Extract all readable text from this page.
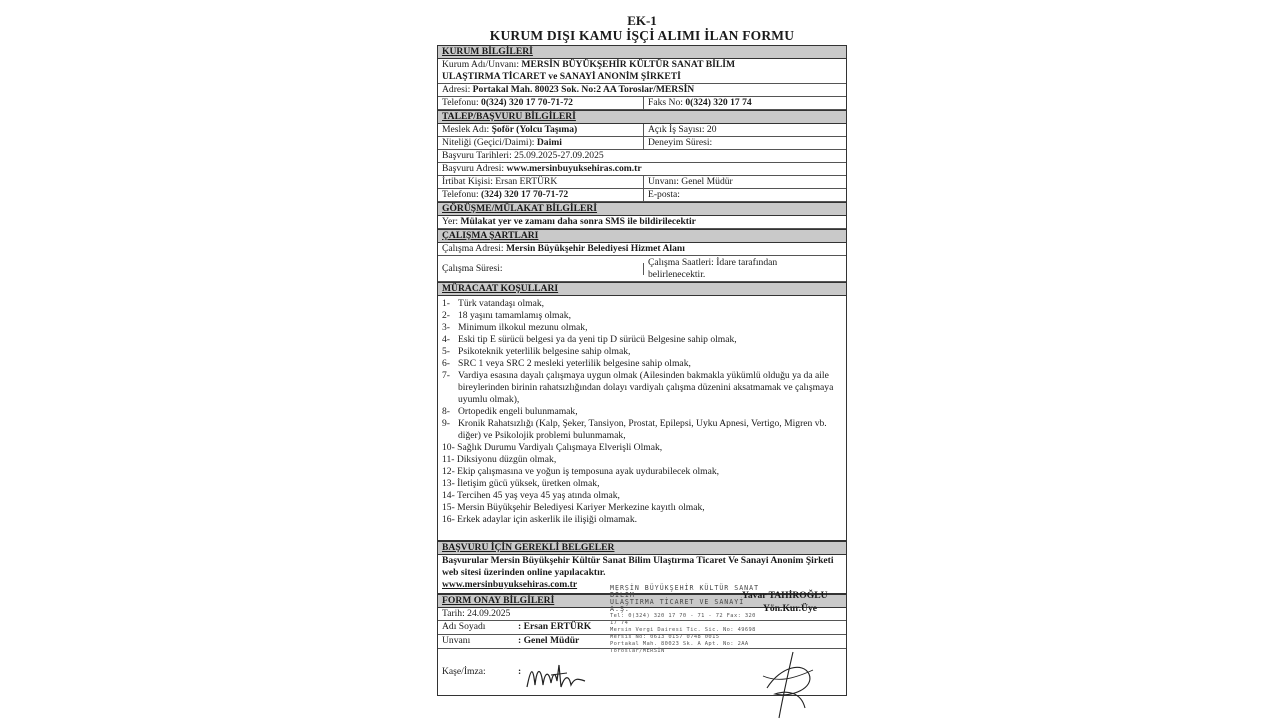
EK-1
KURUM DIŞI KAMU İŞÇİ ALIMI İLAN FORMU
KURUM BİLGİLERİ
Kurum Adı/Unvanı: MERSİN BÜYÜKŞEHİR KÜLTÜR SANAT BİLİM
ULAŞTIRMA TİCARET ve SANAYİ ANONİM ŞİRKETİ
Adresi: Portakal Mah. 80023 Sok. No:2 AA Toroslar/MERSİN
Telefonu: 0(324) 320 17 70-71-72	Faks No: 0(324) 320 17 74
TALEP/BAŞVURU BİLGİLERİ
Meslek Adı: Şoför (Yolcu Taşıma)	Açık İş Sayısı: 20
Niteliği (Geçici/Daimi): Daimi	Deneyim Süresi:
Başvuru Tarihleri: 25.09.2025-27.09.2025
Başvuru Adresi: www.mersinbuyuksehiras.com.tr
İrtibat Kişisi: Ersan ERTÜRK	Unvanı: Genel Müdür
Telefonu: (324) 320 17 70-71-72	E-posta:
GÖRÜŞME/MÜLAKAT BİLGİLERİ
Yer: Mülakat yer ve zamanı daha sonra SMS ile bildirilecektir
ÇALIŞMA ŞARTLARI
Çalışma Adresi: Mersin Büyükşehir Belediyesi Hizmet Alanı
Çalışma Süresi:
Çalışma Saatleri: İdare tarafından
belirlenecektir.
MÜRACAAT KOŞULLARI
1- Türk vatandaşı olmak,
2- 18 yaşını tamamlamış olmak,
3- Minimum ilkokul mezunu olmak,
4- Eski tip E sürücü belgesi ya da yeni tip D sürücü Belgesine sahip olmak,
5- Psikoteknik yeterlilik belgesine sahip olmak,
6- SRC 1 veya SRC 2 mesleki yeterlilik belgesine sahip olmak,
7- Vardiya esasına dayalı çalışmaya uygun olmak (Ailesinden bakmakla yükümlü olduğu ya da aile bireylerinden birinin rahatsızlığından dolayı vardiyalı çalışma düzenini aksatmamak ve çalışmaya uyumlu olmak),
8- Ortopedik engeli bulunmamak,
9- Kronik Rahatsızlığı (Kalp, Şeker, Tansiyon, Prostat, Epilepsi, Uyku Apnesi, Vertigo, Migren vb. diğer) ve Psikolojik problemi bulunmamak,
10- Sağlık Durumu Vardiyalı Çalışmaya Elverişli Olmak,
11- Diksiyonu düzgün olmak,
12- Ekip çalışmasına ve yoğun iş temposuna ayak uydurabilecek olmak,
13- İletişim gücü yüksek, üretken olmak,
14- Tercihen 45 yaş veya 45 yaş atında olmak,
15- Mersin Büyükşehir Belediyesi Kariyer Merkezine kayıtlı olmak,
16- Erkek adaylar için askerlik ile ilişiği olmamak.
BAŞVURU İÇİN GEREKLİ BELGELER
Başvurular Mersin Büyükşehir Kültür Sanat Bilim Ulaştırma Ticaret Ve Sanayi Anonim Şirketi web sitesi üzerinden online yapılacaktır.
www.mersinbuyuksehiras.com.tr
FORM ONAY BİLGİLERİ
Tarih: 24.09.2025
Adı Soyadı	: Ersan ERTÜRK
Unvanı	: Genel Müdür
Kaşe/İmza:	:
Yavar TAHİROĞLU
Yön.Kur.Üye
MERSİN BÜYÜKŞEHİR KÜLTÜR SANAT BİLİM
ULAŞTIRMA TİCARET VE SANAYİ A.Ş.
Tel: 0(324) 320 17 70 - 71 - 72 Fax: 320 17 74
Mersin Vergi Dairesi Tic. Sic. No: 49698
Mersis No: 0613 0157 0748 0015
Portakal Mah. 80023 Sk. A Apt. No: 2AA Toroslar/MERSİN
